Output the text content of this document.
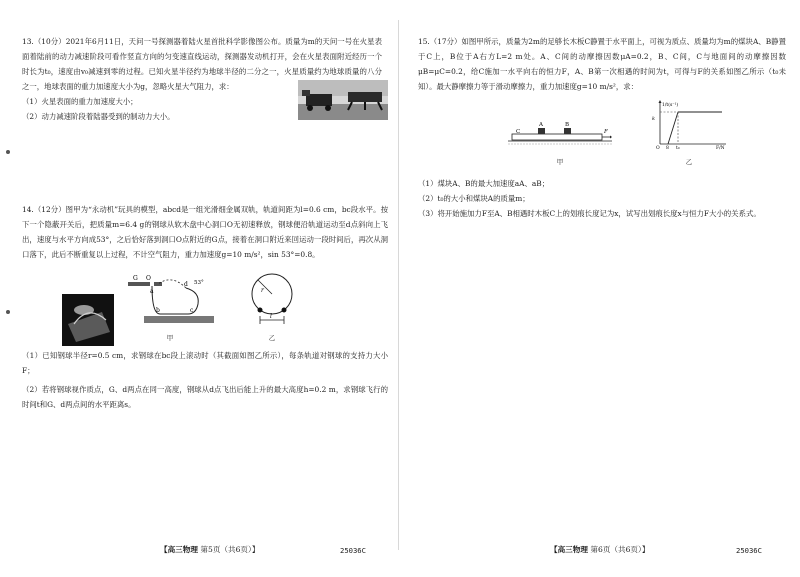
13.（10分）2021年6月11日，天问一号探测器着陆火星首批科学影像图公布。质量为m的天问一号在火星表面着陆前的动力减速阶段可看作竖直方向的匀变速直线运动，探测器发动机打开，会在火星表面附近经历一个时长为t₀，速度由v₀减速到零的过程。已知火星半径约为地球半径的二分之一，火星质量约为地球质量的八分之一，地球表面的重力加速度大小为g，忽略火星大气阻力，求：

（1）火星表面的重力加速度大小；

（2）动力减速阶段着陆器受到的制动力大小。

14.（12分）图甲为“永动机”玩具的模型，abcd是一组光滑细金属双轨，轨道间距为l=0.6 cm，bc段水平。按下一个隐蔽开关后，把质量m=6.4 g的钢球从软木盘中心洞口O无初速释放，钢球便沿轨道运动至d点斜向上飞出，速度与水平方向成53°，之后恰好落到洞口O点附近的G点，接着在洞口附近来回运动一段时间后，再次从洞口落下，此后不断重复以上过程，不计空气阻力，重力加速度g=10 m/s²，sin 53°=0.8。

G O
a
b	c
d 53°
甲
r
l
乙

（1）已知钢球半径r=0.5 cm，求钢球在bc段上滚动时（其截面如图乙所示），每条轨道对钢球的支持力大小F；

（2）若将钢球视作质点，G、d两点在同一高度，钢球从d点飞出后能上升的最大高度h=0.2 m，求钢球飞行的时间t和G、d两点间的水平距离s。

【高三物理 第5页（共6页）】	25036C

15.（17分）如图甲所示，质量为2m的足够长木板C静置于水平面上，可视为质点、质量均为m的煤块A、B静置于C上，B位于A右方L=2 m处。A、C间的动摩擦因数μA=0.2，B、C间，C与地面间的动摩擦因数μB=μC=0.2，给C施加一水平向右的恒力F，A、B第一次相遇的时间为t，可得与F的关系如图乙所示（t₀未知）。最大静摩擦力等于滑动摩擦力，重力加速度g=10 m/s²，求：

A	B
C	F
甲
1/t(s⁻¹)
F/N
O
k
8 t₀
乙

（1）煤块A、B的最大加速度aA、aB；

（2）t₀的大小和煤块A的质量m；

（3）将开始施加力F至A、B相遇时木板C上的划痕长度记为x，试写出划痕长度x与恒力F大小的关系式。

【高三物理 第6页（共6页）】	25036C
